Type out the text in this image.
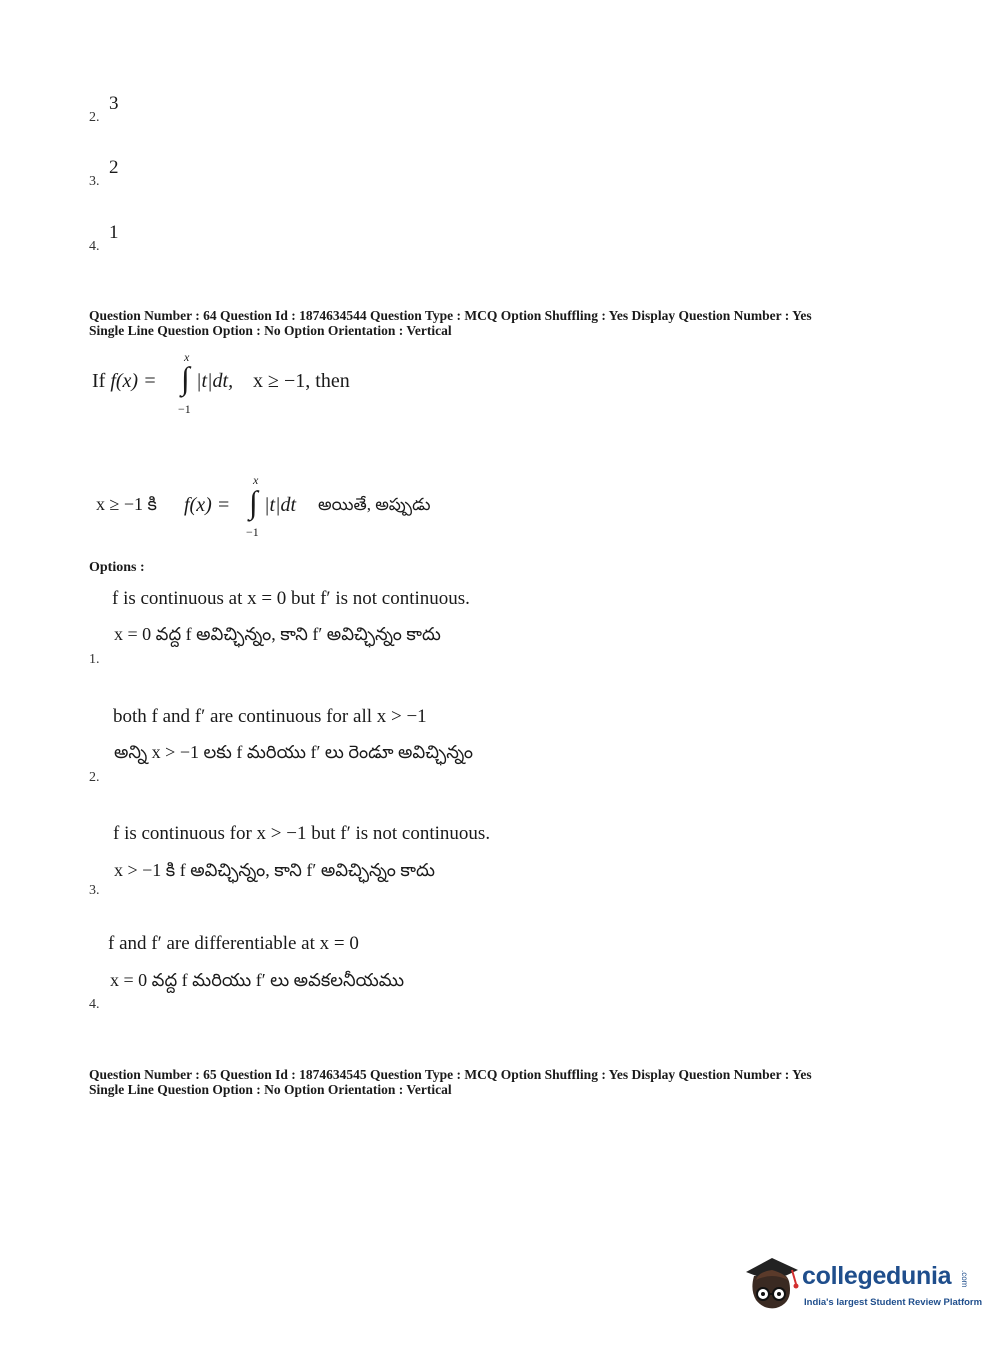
2.
3
3.
2
4.
1
Question Number : 64 Question Id : 1874634544 Question Type : MCQ Option Shuffling : Yes Display Question Number : Yes
Single Line Question Option : No Option Orientation : Vertical
If f(x) =
x
∫
−1
|t|dt, x ≥ −1, then
x ≥ −1 కి f(x) =
x
∫
−1
|t|dt అయితే, అప్పుడు
Options :
f is continuous at x = 0 but f′ is not continuous.
x = 0 వద్ద f అవిచ్ఛిన్నం, కాని f′ అవిచ్ఛిన్నం కాదు
1.
both f and f′ are continuous for all x > −1
అన్ని x > −1 లకు f మరియు f′ లు రెండూ అవిచ్ఛిన్నం
2.
f is continuous for x > −1 but f′ is not continuous.
x > −1 కి f అవిచ్ఛిన్నం, కాని f′ అవిచ్ఛిన్నం కాదు
3.
f and f′ are differentiable at x = 0
x = 0 వద్ద f మరియు f′ లు అవకలనీయము
4.
Question Number : 65 Question Id : 1874634545 Question Type : MCQ Option Shuffling : Yes Display Question Number : Yes
Single Line Question Option : No Option Orientation : Vertical
collegedunia .com
India's largest Student Review Platform
